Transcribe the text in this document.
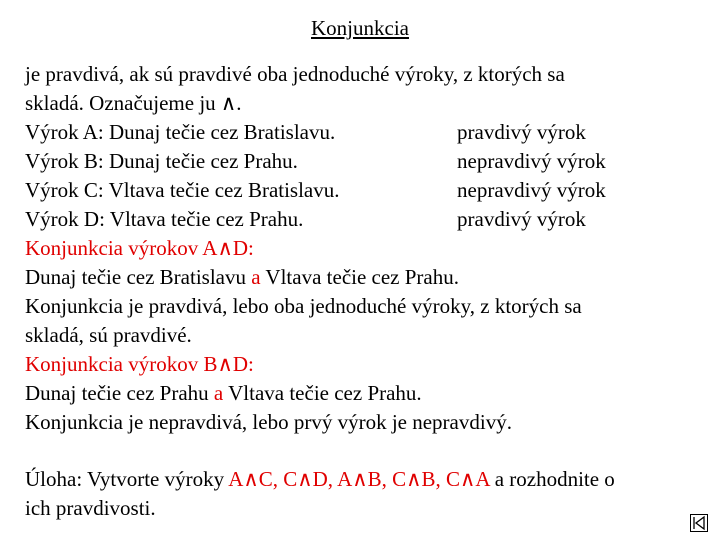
Konjunkcia
je pravdivá, ak sú pravdivé oba jednoduché výroky, z ktorých sa
skladá. Označujeme ju ∧.
Výrok A: Dunaj tečie cez Bratislavu.	pravdivý výrok
Výrok B: Dunaj tečie cez Prahu.	nepravdivý výrok
Výrok C: Vltava tečie cez Bratislavu.	nepravdivý výrok
Výrok D: Vltava tečie cez Prahu.	pravdivý výrok
Konjunkcia výrokov A∧D:
Dunaj tečie cez Bratislavu a Vltava tečie cez Prahu.
Konjunkcia je pravdivá, lebo oba jednoduché výroky, z ktorých sa
skladá, sú pravdivé.
Konjunkcia výrokov B∧D:
Dunaj tečie cez Prahu a Vltava tečie cez Prahu.
Konjunkcia je nepravdivá, lebo prvý výrok je nepravdivý.
Úloha: Vytvorte výroky A∧C, C∧D, A∧B, C∧B, C∧A a rozhodnite o
ich pravdivosti.
